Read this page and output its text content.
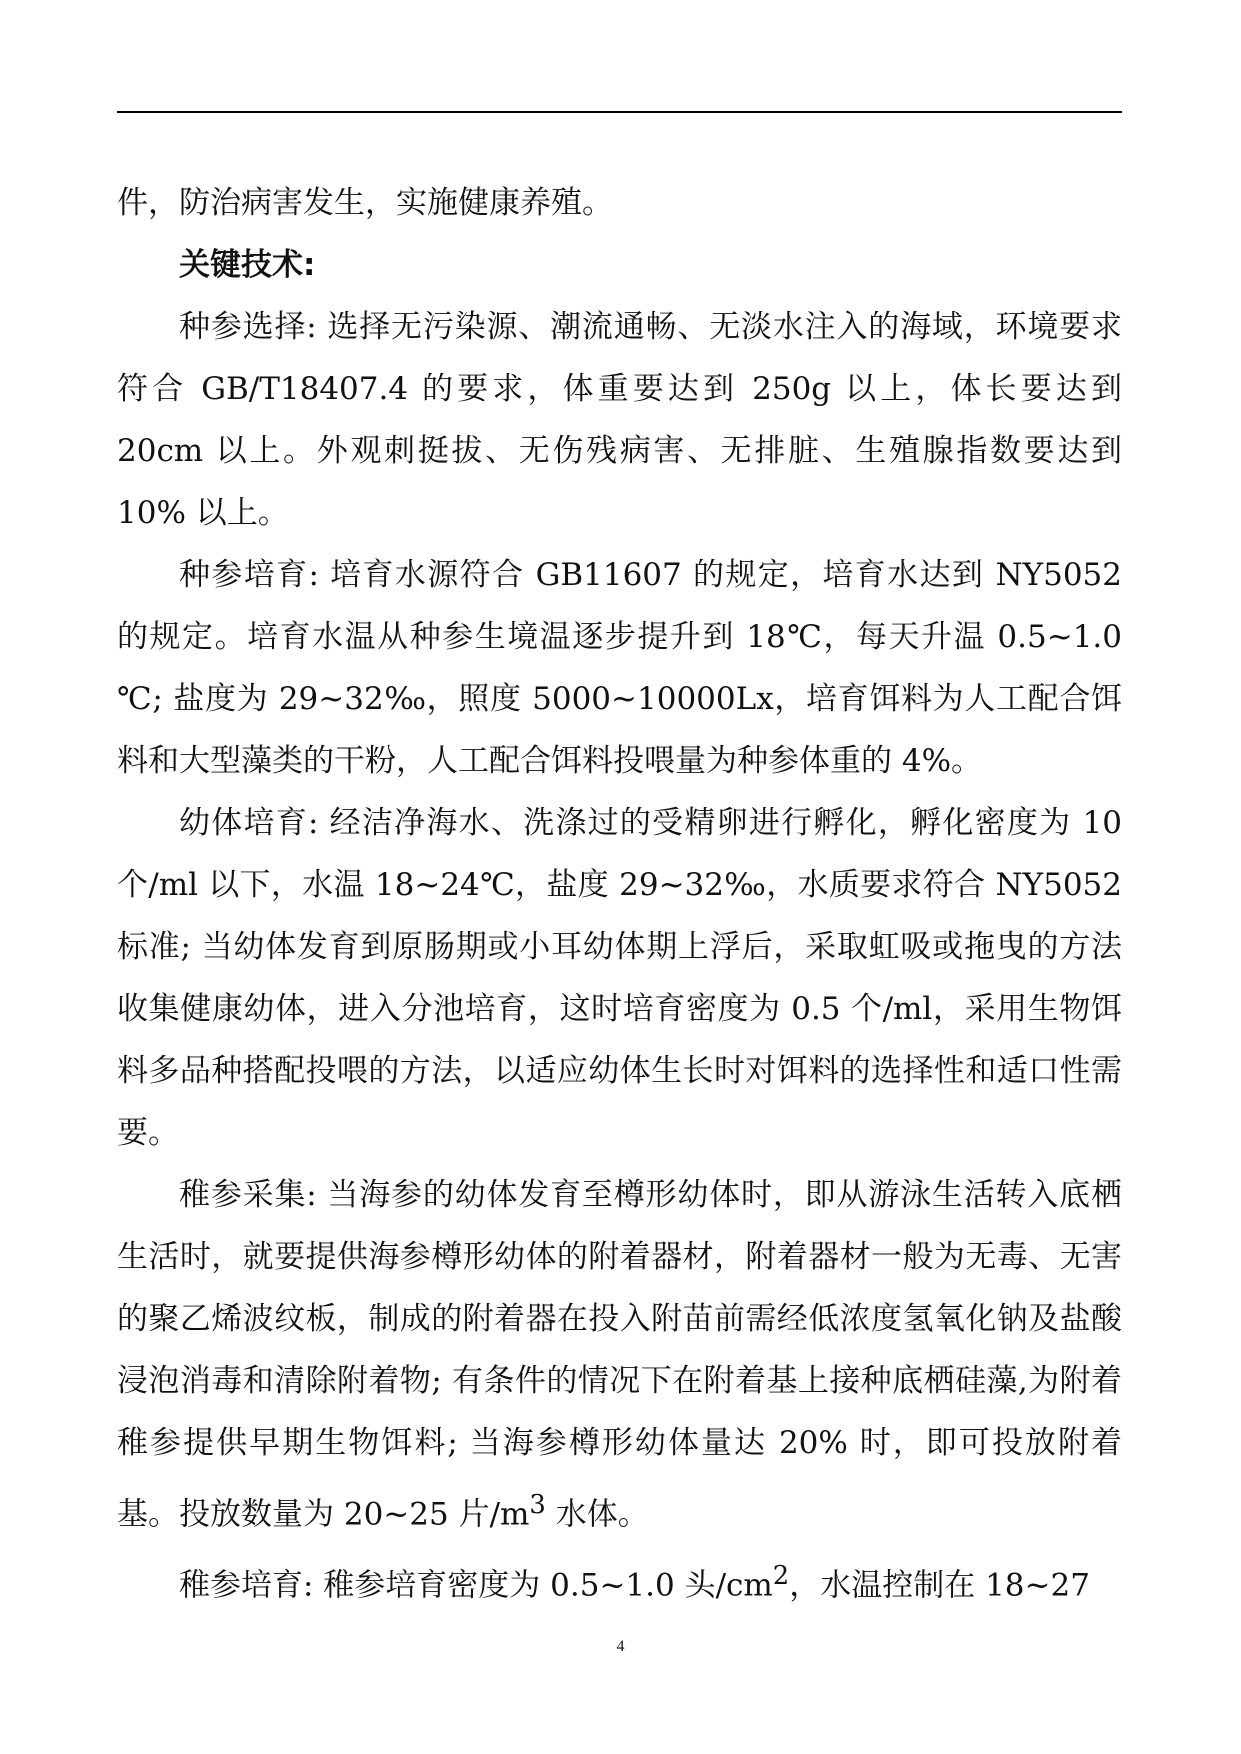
件，防治病害发生，实施健康养殖。

关键技术:

种参选择: 选择无污染源、潮流通畅、无淡水注入的海域，环境要求符合 GB/T18407.4 的要求，体重要达到 250g 以上，体长要达到 20cm 以上。外观刺挺拔、无伤残病害、无排脏、生殖腺指数要达到 10% 以上。

种参培育: 培育水源符合 GB11607 的规定，培育水达到 NY5052 的规定。培育水温从种参生境温逐步提升到 18℃，每天升温 0.5~1.0 ℃; 盐度为 29~32‰，照度 5000~10000Lx，培育饵料为人工配合饵料和大型藻类的干粉，人工配合饵料投喂量为种参体重的 4%。

幼体培育: 经洁净海水、洗涤过的受精卵进行孵化，孵化密度为 10 个/ml 以下，水温 18~24℃，盐度 29~32‰，水质要求符合 NY5052 标准; 当幼体发育到原肠期或小耳幼体期上浮后，采取虹吸或拖曳的方法收集健康幼体，进入分池培育，这时培育密度为 0.5 个/ml，采用生物饵料多品种搭配投喂的方法，以适应幼体生长时对饵料的选择性和适口性需要。

稚参采集: 当海参的幼体发育至樽形幼体时，即从游泳生活转入底栖生活时，就要提供海参樽形幼体的附着器材，附着器材一般为无毒、无害的聚乙烯波纹板，制成的附着器在投入附苗前需经低浓度氢氧化钠及盐酸浸泡消毒和清除附着物; 有条件的情况下在附着基上接种底栖硅藻,为附着稚参提供早期生物饵料; 当海参樽形幼体量达 20% 时，即可投放附着基。投放数量为 20~25 片$/m^3$ 水体。

稚参培育: 稚参培育密度为 0.5~1.0 头$/cm^2$，水温控制在 18~27

4
